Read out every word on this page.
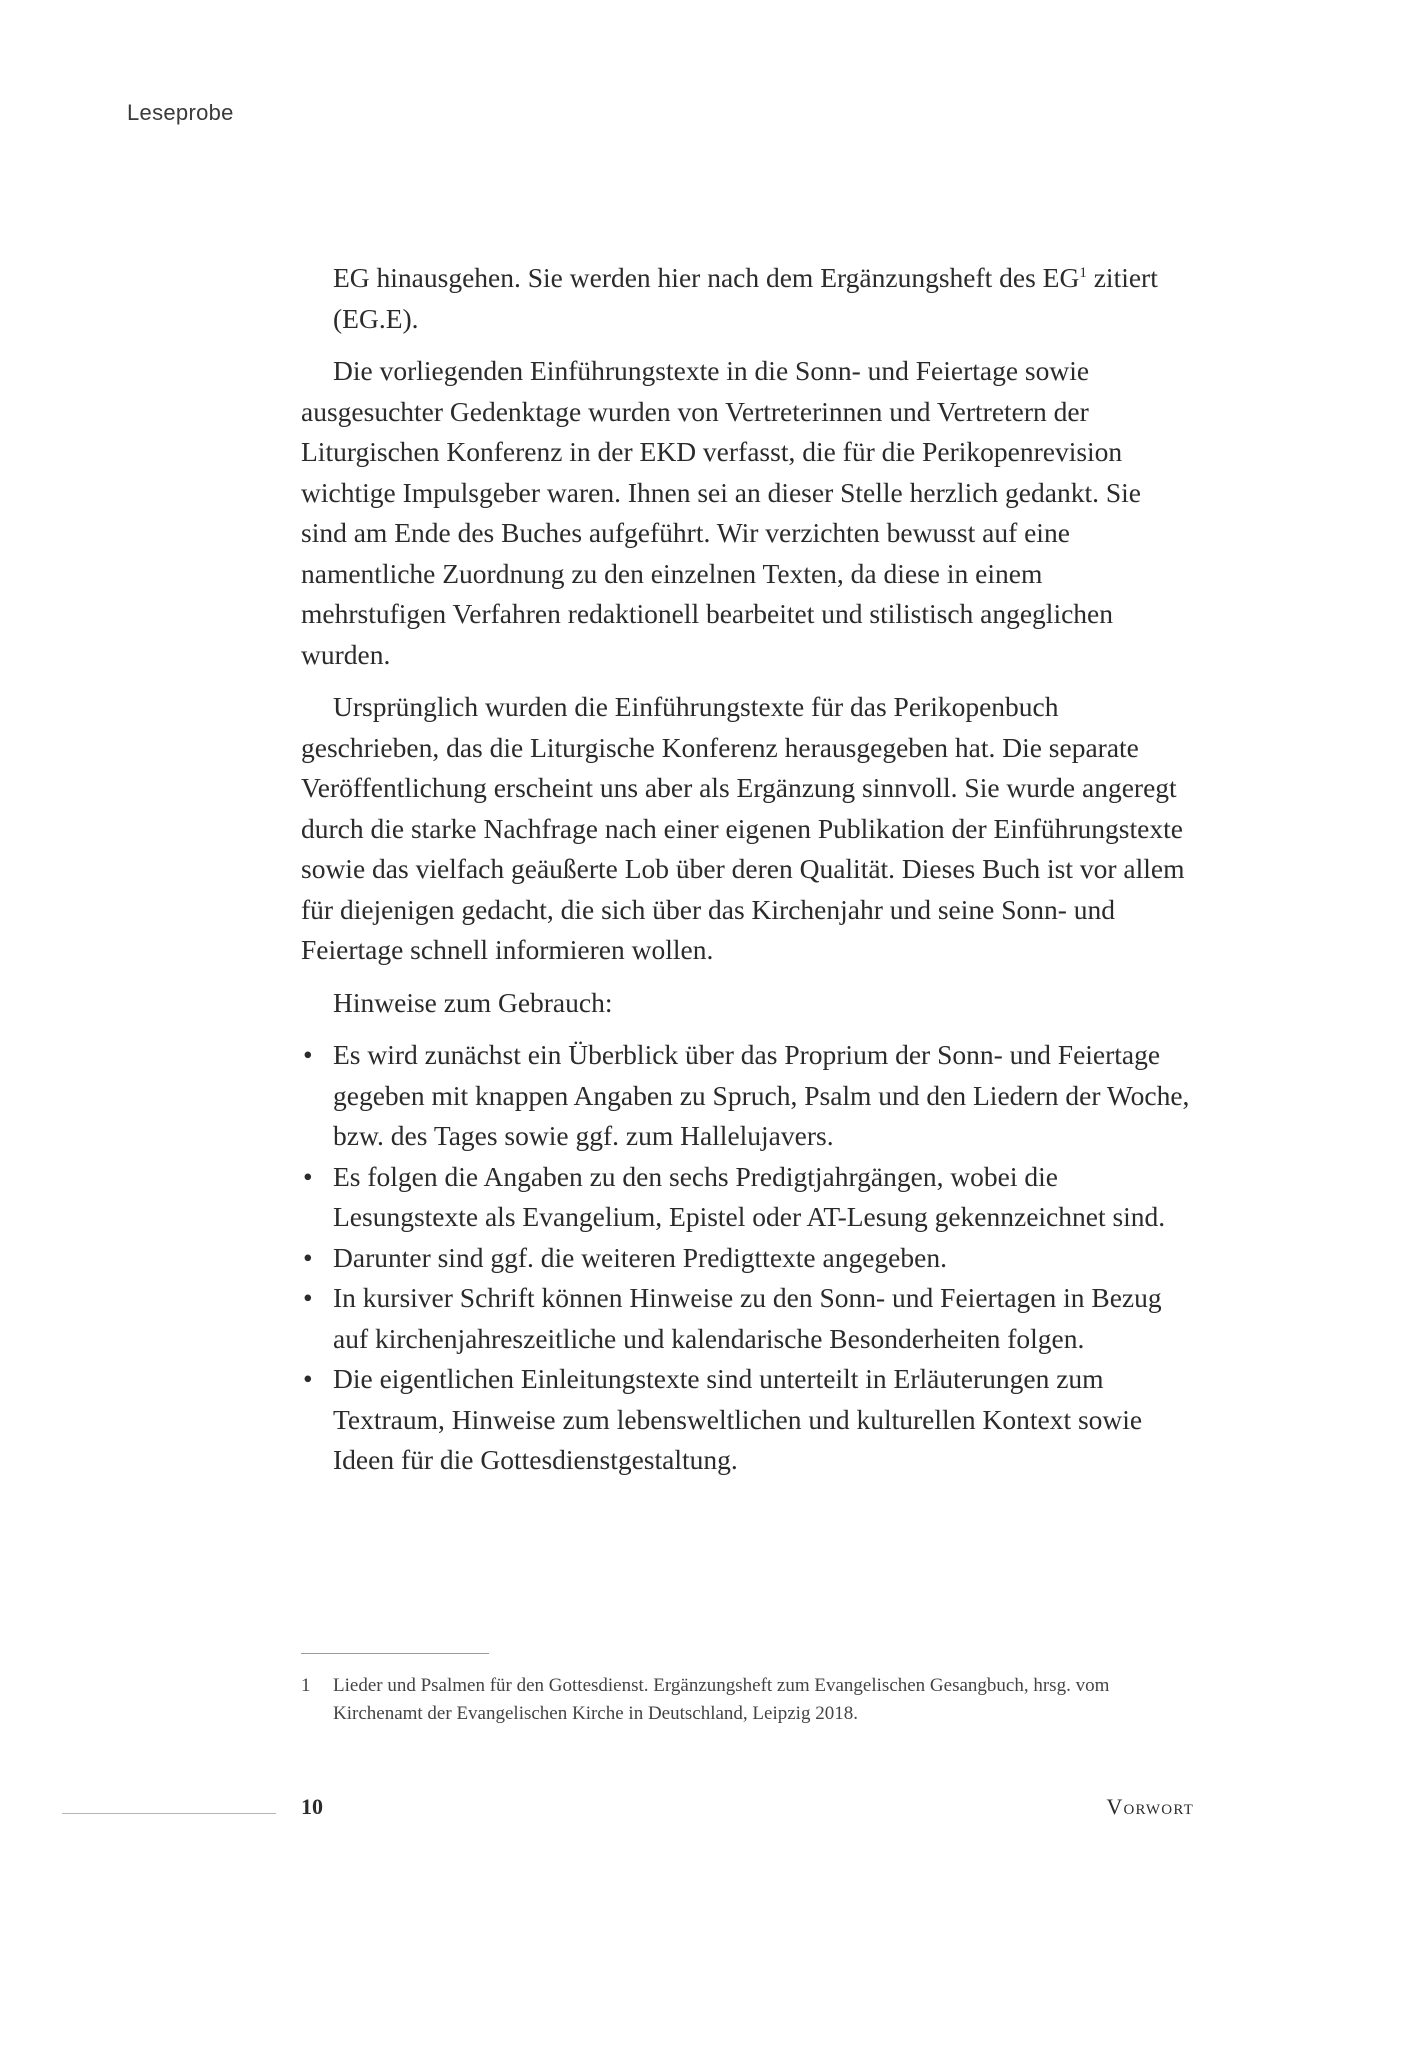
Leseprobe

EG hinausgehen. Sie werden hier nach dem Ergänzungsheft des EG$^1$ zitiert (EG.E).

Die vorliegenden Einführungstexte in die Sonn- und Feiertage sowie ausgesuchter Gedenktage wurden von Vertreterinnen und Vertretern der Liturgischen Konferenz in der EKD verfasst, die für die Perikopenrevision wichtige Impulsgeber waren. Ihnen sei an dieser Stelle herzlich gedankt. Sie sind am Ende des Buches aufgeführt. Wir verzichten bewusst auf eine namentliche Zuordnung zu den einzelnen Texten, da diese in einem mehrstufigen Verfahren redaktionell bearbeitet und stilistisch angeglichen wurden.

Ursprünglich wurden die Einführungstexte für das Perikopenbuch geschrieben, das die Liturgische Konferenz herausgegeben hat. Die separate Veröffentlichung erscheint uns aber als Ergänzung sinnvoll. Sie wurde angeregt durch die starke Nachfrage nach einer eigenen Publikation der Einführungstexte sowie das vielfach geäußerte Lob über deren Qualität. Dieses Buch ist vor allem für diejenigen gedacht, die sich über das Kirchenjahr und seine Sonn- und Feiertage schnell informieren wollen.

Hinweise zum Gebrauch:

• Es wird zunächst ein Überblick über das Proprium der Sonn- und Feiertage gegeben mit knappen Angaben zu Spruch, Psalm und den Liedern der Woche, bzw. des Tages sowie ggf. zum Hallelujavers.
• Es folgen die Angaben zu den sechs Predigtjahrgängen, wobei die Lesungstexte als Evangelium, Epistel oder AT-Lesung gekennzeichnet sind.
• Darunter sind ggf. die weiteren Predigttexte angegeben.
• In kursiver Schrift können Hinweise zu den Sonn- und Feiertagen in Bezug auf kirchenjahreszeitliche und kalendarische Besonderheiten folgen.
• Die eigentlichen Einleitungstexte sind unterteilt in Erläuterungen zum Textraum, Hinweise zum lebensweltlichen und kulturellen Kontext sowie Ideen für die Gottesdienstgestaltung.
1	Lieder und Psalmen für den Gottesdienst. Ergänzungsheft zum Evangelischen Gesangbuch, hrsg. vom Kirchenamt der Evangelischen Kirche in Deutschland, Leipzig 2018.
10	Vorwort
